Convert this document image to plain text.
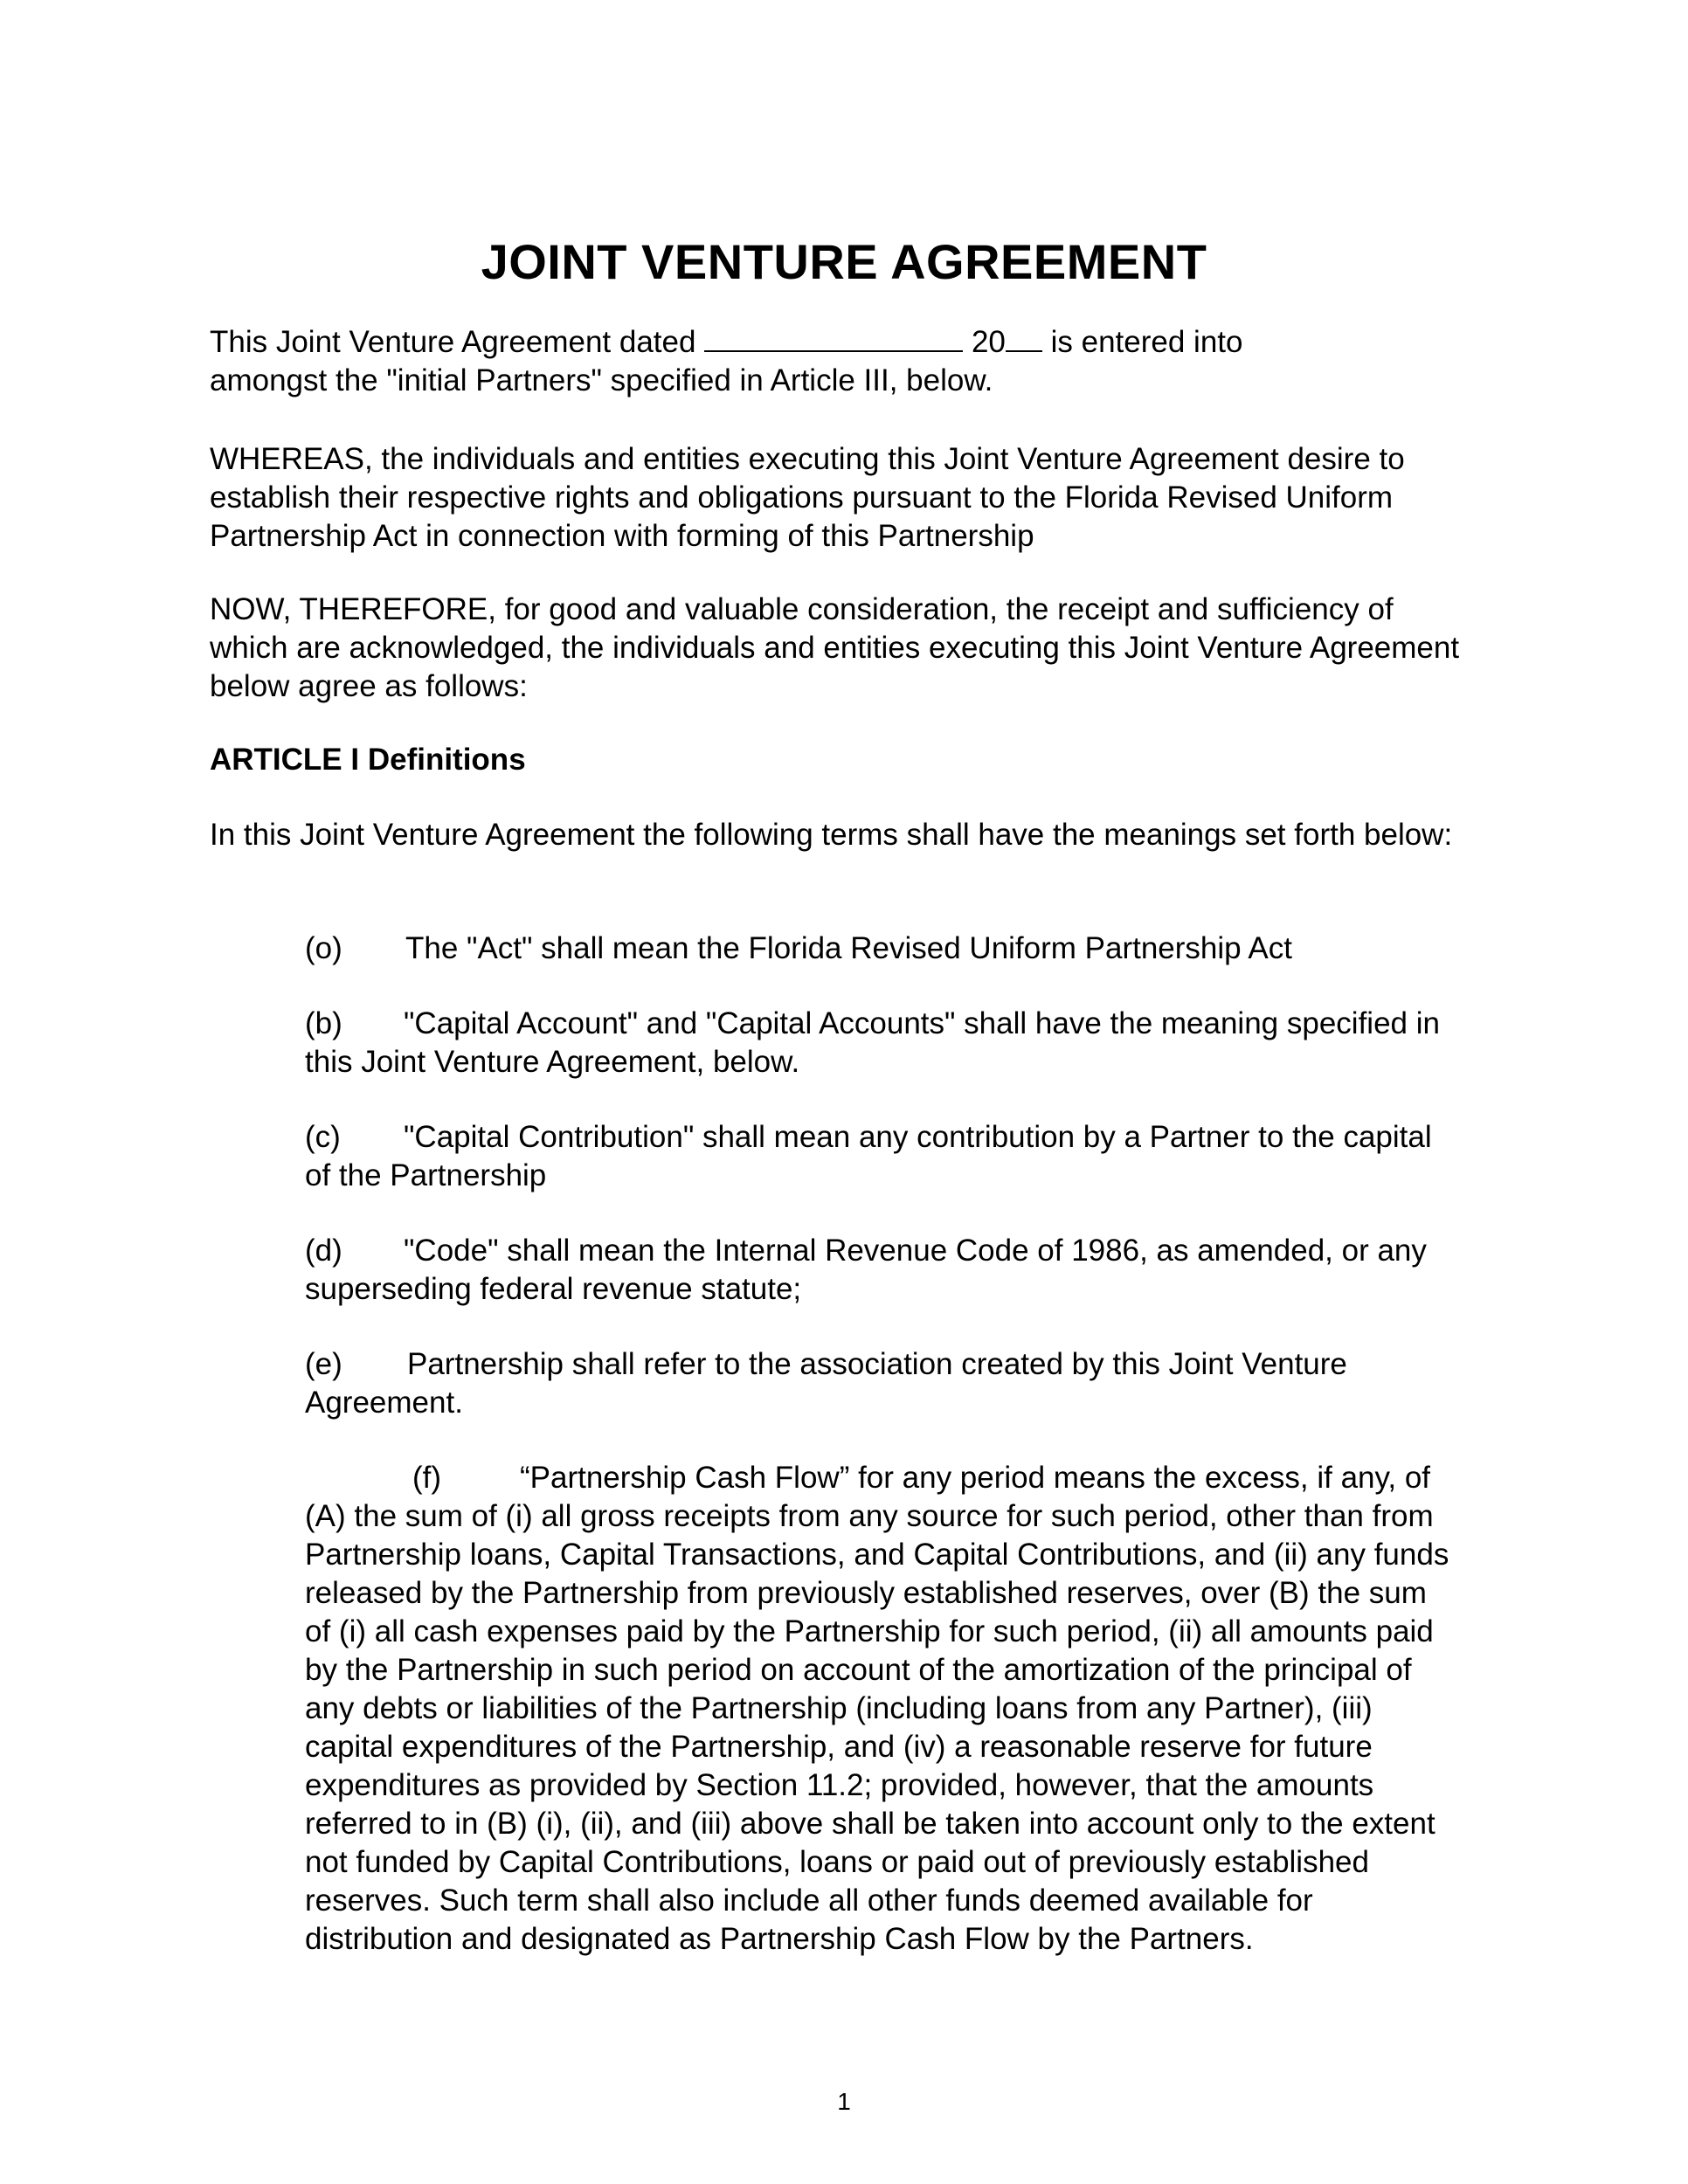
JOINT VENTURE AGREEMENT

This Joint Venture Agreement dated	20 is entered into
amongst the "initial Partners" specified in Article III, below.

WHEREAS, the individuals and entities executing this Joint Venture Agreement desire to establish their respective rights and obligations pursuant to the Florida Revised Uniform Partnership Act in connection with forming of this Partnership

NOW, THEREFORE, for good and valuable consideration, the receipt and sufficiency of which are acknowledged, the individuals and entities executing this Joint Venture Agreement below agree as follows:

ARTICLE I Definitions

In this Joint Venture Agreement the following terms shall have the meanings set forth below:

(o) The "Act" shall mean the Florida Revised Uniform Partnership Act

(b) "Capital Account" and "Capital Accounts" shall have the meaning specified in this Joint Venture Agreement, below.

(c) "Capital Contribution" shall mean any contribution by a Partner to the capital of the Partnership

(d) "Code" shall mean the Internal Revenue Code of 1986, as amended, or any superseding federal revenue statute;

(e) Partnership shall refer to the association created by this Joint Venture Agreement.

(f)	“Partnership Cash Flow” for any period means the excess, if any, of (A) the sum of (i) all gross receipts from any source for such period, other than from Partnership loans, Capital Transactions, and Capital Contributions, and (ii) any funds released by the Partnership from previously established reserves, over (B) the sum of (i) all cash expenses paid by the Partnership for such period, (ii) all amounts paid by the Partnership in such period on account of the amortization of the principal of any debts or liabilities of the Partnership (including loans from any Partner), (iii) capital expenditures of the Partnership, and (iv) a reasonable reserve for future expenditures as provided by Section 11.2; provided, however, that the amounts referred to in (B) (i), (ii), and (iii) above shall be taken into account only to the extent not funded by Capital Contributions, loans or paid out of previously established reserves. Such term shall also include all other funds deemed available for distribution and designated as Partnership Cash Flow by the Partners.

1
